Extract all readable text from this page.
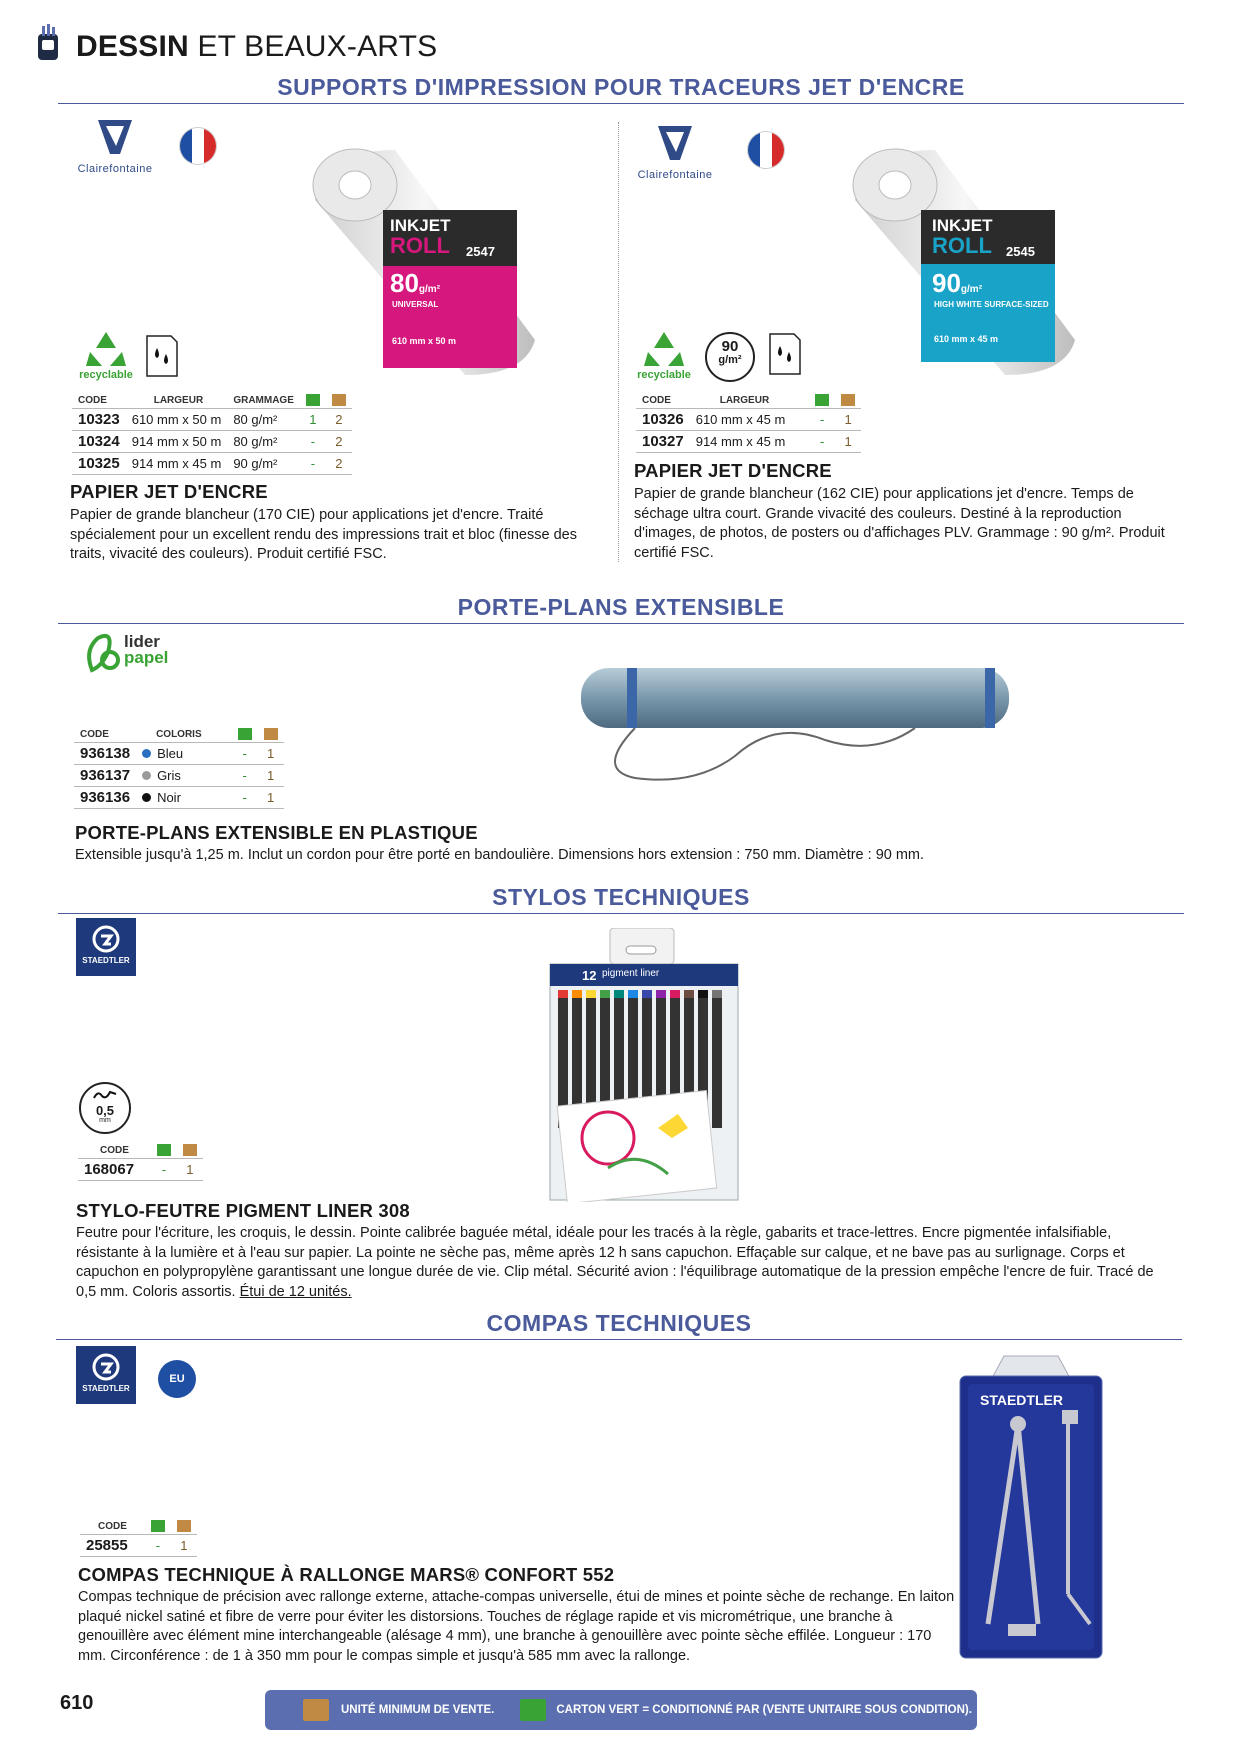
DESSIN ET BEAUX-ARTS
SUPPORTS D'IMPRESSION POUR TRACEURS JET D'ENCRE
Clairefontaine
INKJET
ROLL 2547
80g/m²
UNIVERSAL
610 mm x 50 m
recyclable
CODE	LARGEUR	GRAMMAGE		
10323	610 mm x 50 m	80 g/m²	1	2
10324	914 mm x 50 m	80 g/m²	-	2
10325	914 mm x 45 m	90 g/m²	-	2
PAPIER JET D'ENCRE
Papier de grande blancheur (170 CIE) pour applications jet d'encre. Traité spécialement pour un excellent rendu des impressions trait et bloc (finesse des traits, vivacité des couleurs). Produit certifié FSC.
Clairefontaine
INKJET
ROLL 2545
90g/m²
HIGH WHITE SURFACE-SIZED
610 mm x 45 m
recyclable
90
g/m²
CODE	LARGEUR		
10326	610 mm x 45 m	-	1
10327	914 mm x 45 m	-	1
PAPIER JET D'ENCRE
Papier de grande blancheur (162 CIE) pour applications jet d'encre. Temps de séchage ultra court. Grande vivacité des couleurs. Destiné à la reproduction d'images, de photos, de posters ou d'affichages PLV. Grammage : 90 g/m². Produit certifié FSC.
PORTE-PLANS EXTENSIBLE
lider
papel
CODE	COLORIS		
936138	Bleu	-	1
936137	Gris	-	1
936136	Noir	-	1
PORTE-PLANS EXTENSIBLE EN PLASTIQUE
Extensible jusqu'à 1,25 m. Inclut un cordon pour être porté en bandoulière. Dimensions hors extension : 750 mm. Diamètre : 90 mm.
STYLOS TECHNIQUES
STAEDTLER
0,5
mm
CODE		
168067	-	1
12 pigment liner
STYLO-FEUTRE PIGMENT LINER 308
Feutre pour l'écriture, les croquis, le dessin. Pointe calibrée baguée métal, idéale pour les tracés à la règle, gabarits et trace-lettres. Encre pigmentée infalsifiable, résistante à la lumière et à l'eau sur papier. La pointe ne sèche pas, même après 12 h sans capuchon. Effaçable sur calque, et ne bave pas au surlignage. Corps et capuchon en polypropylène garantissant une longue durée de vie. Clip métal. Sécurité avion : l'équilibrage automatique de la pression empêche l'encre de fuir. Tracé de 0,5 mm. Coloris assortis. Étui de 12 unités.
COMPAS TECHNIQUES
STAEDTLER
EU
CODE		
25855	-	1
STAEDTLER
COMPAS TECHNIQUE À RALLONGE MARS® CONFORT 552
Compas technique de précision avec rallonge externe, attache-compas universelle, étui de mines et pointe sèche de rechange. En laiton plaqué nickel satiné et fibre de verre pour éviter les distorsions. Touches de réglage rapide et vis micrométrique, une branche à genouillère avec élément mine interchangeable (alésage 4 mm), une branche à genouillère avec pointe sèche effilée. Longueur : 170 mm. Circonférence : de 1 à 350 mm pour le compas simple et jusqu'à 585 mm avec la rallonge.
610	UNITÉ MINIMUM DE VENTE.	CARTON VERT = CONDITIONNÉ PAR (VENTE UNITAIRE SOUS CONDITION).
